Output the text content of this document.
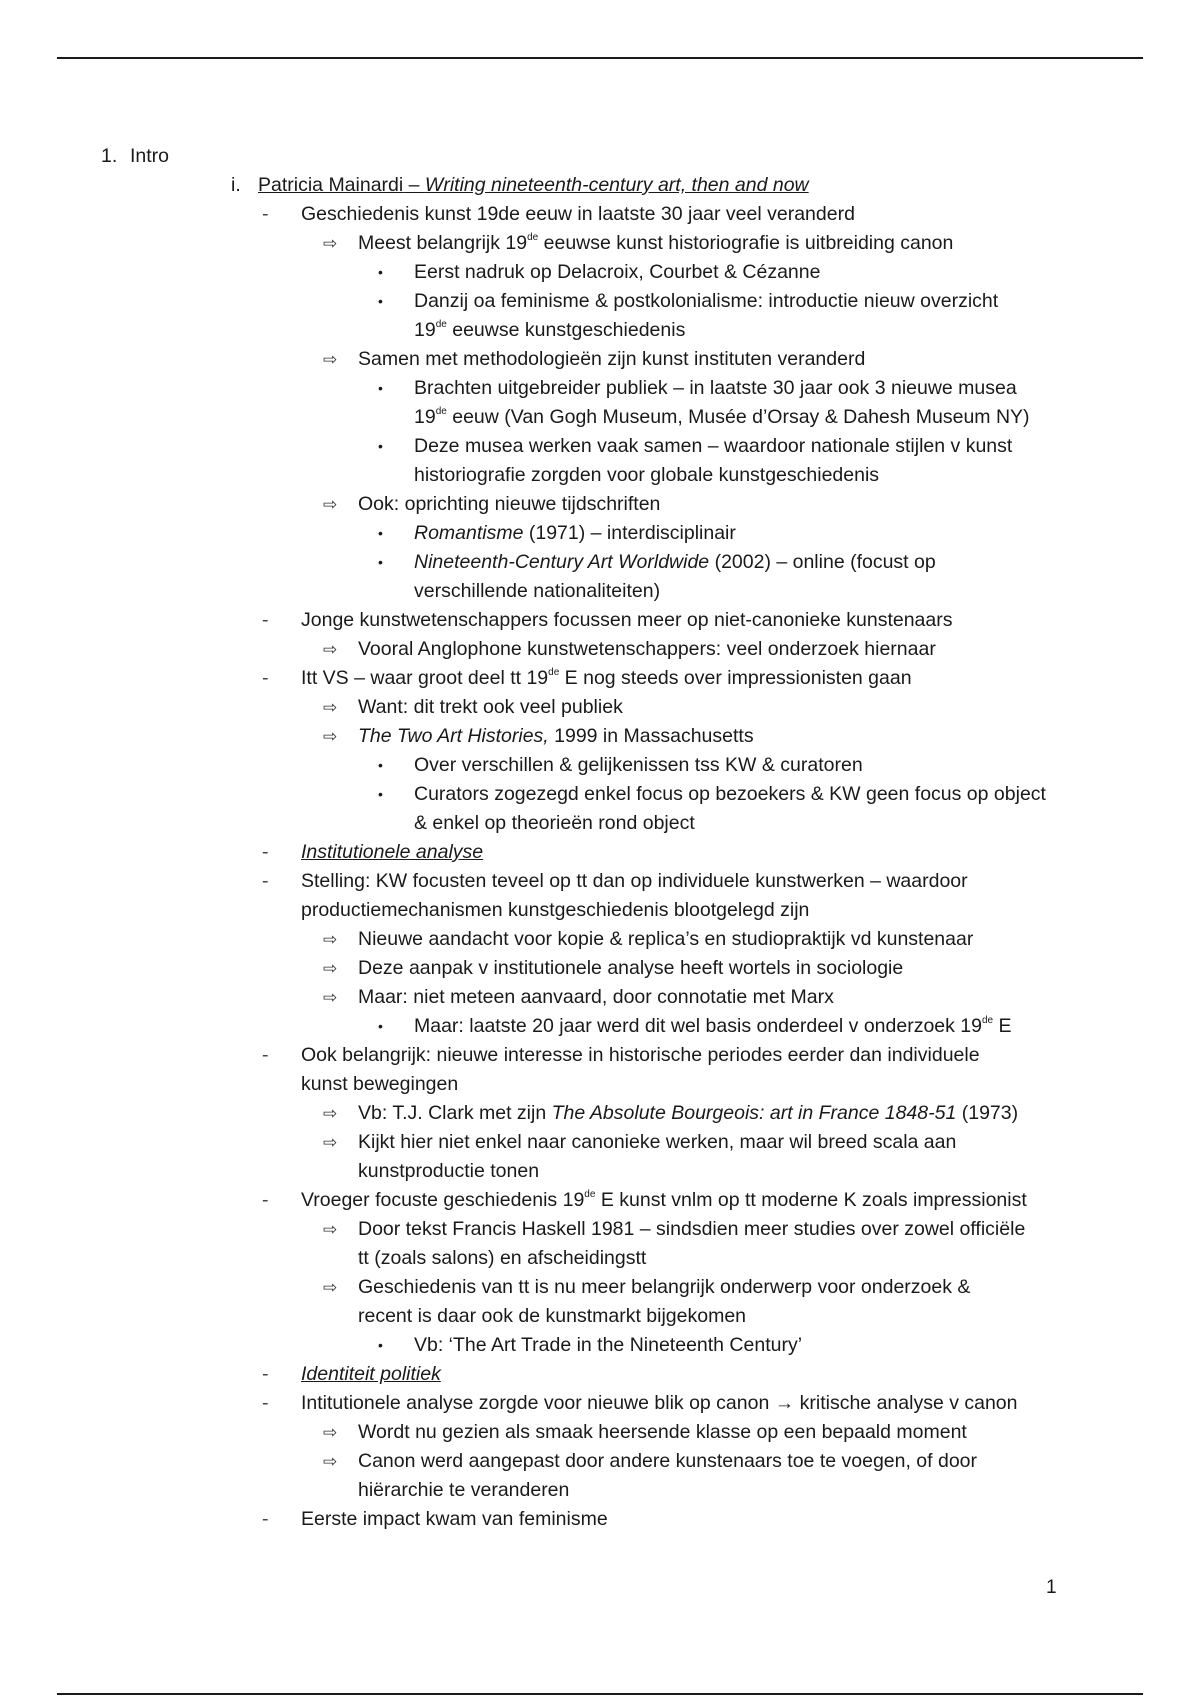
1. Intro
i. Patricia Mainardi – Writing nineteenth-century art, then and now
- Geschiedenis kunst 19de eeuw in laatste 30 jaar veel veranderd
⇨ Meest belangrijk 19de eeuwse kunst historiografie is uitbreiding canon
• Eerst nadruk op Delacroix, Courbet & Cézanne
• Danzij oa feminisme & postkolonialisme: introductie nieuw overzicht
19de eeuwse kunstgeschiedenis
⇨ Samen met methodologieën zijn kunst instituten veranderd
• Brachten uitgebreider publiek – in laatste 30 jaar ook 3 nieuwe musea
19de eeuw (Van Gogh Museum, Musée d’Orsay & Dahesh Museum NY)
• Deze musea werken vaak samen – waardoor nationale stijlen v kunst
historiografie zorgden voor globale kunstgeschiedenis
⇨ Ook: oprichting nieuwe tijdschriften
• Romantisme (1971) – interdisciplinair
• Nineteenth-Century Art Worldwide (2002) – online (focust op
verschillende nationaliteiten)
- Jonge kunstwetenschappers focussen meer op niet-canonieke kunstenaars
⇨ Vooral Anglophone kunstwetenschappers: veel onderzoek hiernaar
- Itt VS – waar groot deel tt 19de E nog steeds over impressionisten gaan
⇨ Want: dit trekt ook veel publiek
⇨ The Two Art Histories, 1999 in Massachusetts
• Over verschillen & gelijkenissen tss KW & curatoren
• Curators zogezegd enkel focus op bezoekers & KW geen focus op object
& enkel op theorieën rond object
- Institutionele analyse
- Stelling: KW focusten teveel op tt dan op individuele kunstwerken – waardoor
productiemechanismen kunstgeschiedenis blootgelegd zijn
⇨ Nieuwe aandacht voor kopie & replica’s en studiopraktijk vd kunstenaar
⇨ Deze aanpak v institutionele analyse heeft wortels in sociologie
⇨ Maar: niet meteen aanvaard, door connotatie met Marx
• Maar: laatste 20 jaar werd dit wel basis onderdeel v onderzoek 19de E
- Ook belangrijk: nieuwe interesse in historische periodes eerder dan individuele
kunst bewegingen
⇨ Vb: T.J. Clark met zijn The Absolute Bourgeois: art in France 1848-51 (1973)
⇨ Kijkt hier niet enkel naar canonieke werken, maar wil breed scala aan
kunstproductie tonen
- Vroeger focuste geschiedenis 19de E kunst vnlm op tt moderne K zoals impressionist
⇨ Door tekst Francis Haskell 1981 – sindsdien meer studies over zowel officiële
tt (zoals salons) en afscheidingstt
⇨ Geschiedenis van tt is nu meer belangrijk onderwerp voor onderzoek &
recent is daar ook de kunstmarkt bijgekomen
• Vb: ‘The Art Trade in the Nineteenth Century’
- Identiteit politiek
- Intitutionele analyse zorgde voor nieuwe blik op canon → kritische analyse v canon
⇨ Wordt nu gezien als smaak heersende klasse op een bepaald moment
⇨ Canon werd aangepast door andere kunstenaars toe te voegen, of door
hiërarchie te veranderen
- Eerste impact kwam van feminisme
1
